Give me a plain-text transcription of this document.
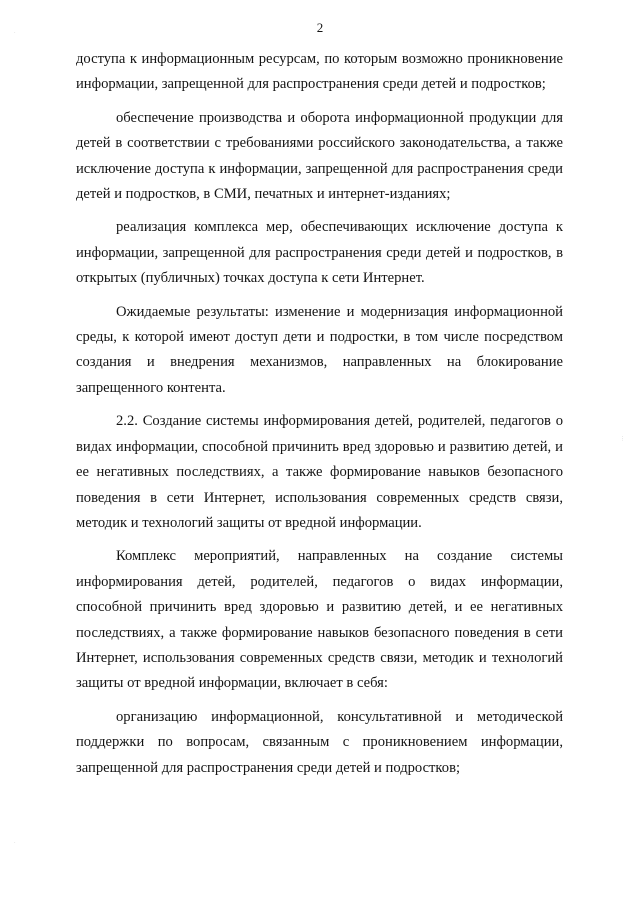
2
·
⋮
·

доступа к информационным ресурсам, по которым возможно проникновение информации, запрещенной для распространения среди детей и подростков;

обеспечение производства и оборота информационной продукции для детей в соответствии с требованиями российского законодательства, а также исключение доступа к информации, запрещенной для распространения среди детей и подростков, в СМИ, печатных и интернет-изданиях;

реализация комплекса мер, обеспечивающих исключение доступа к информации, запрещенной для распространения среди детей и подростков, в открытых (публичных) точках доступа к сети Интернет.

Ожидаемые результаты: изменение и модернизация информационной среды, к которой имеют доступ дети и подростки, в том числе посредством создания и внедрения механизмов, направленных на блокирование запрещенного контента.

2.2. Создание системы информирования детей, родителей, педагогов о видах информации, способной причинить вред здоровью и развитию детей, и ее негативных последствиях, а также формирование навыков безопасного поведения в сети Интернет, использования современных средств связи, методик и технологий защиты от вредной информации.

Комплекс мероприятий, направленных на создание системы информирования детей, родителей, педагогов о видах информации, способной причинить вред здоровью и развитию детей, и ее негативных последствиях, а также формирование навыков безопасного поведения в сети Интернет, использования современных средств связи, методик и технологий защиты от вредной информации, включает в себя:

организацию информационной, консультативной и методической поддержки по вопросам, связанным с проникновением информации, запрещенной для распространения среди детей и подростков;
